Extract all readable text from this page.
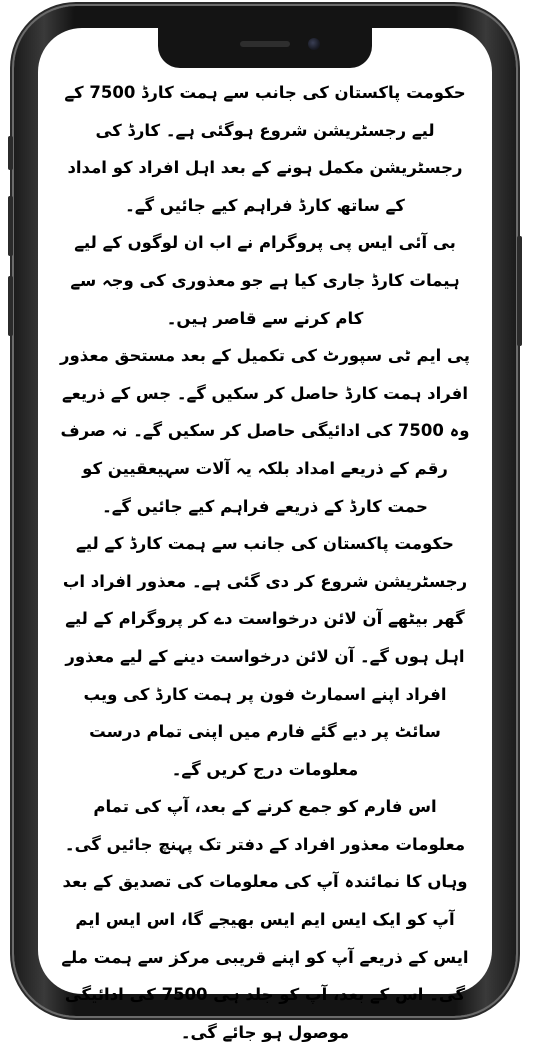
حکومت پاکستان کی جانب سے ہمت کارڈ 7500 کے لیے رجسٹریشن شروع ہوگئی ہے۔ کارڈ کی رجسٹریشن مکمل ہونے کے بعد اہل افراد کو امداد کے ساتھ کارڈ فراہم کیے جائیں گے۔

بی آئی ایس پی پروگرام نے اب ان لوگوں کے لیے ہیمات کارڈ جاری کیا ہے جو معذوری کی وجہ سے کام کرنے سے قاصر ہیں۔

پی ایم ٹی سپورٹ کی تکمیل کے بعد مستحق معذور افراد ہمت کارڈ حاصل کر سکیں گے۔ جس کے ذریعے وہ 7500 کی ادائیگی حاصل کر سکیں گے۔ نہ صرف رقم کے ذریعے امداد بلکہ یہ آلات سہیعقیین کو حمت کارڈ کے ذریعے فراہم کیے جائیں گے۔

حکومت پاکستان کی جانب سے ہمت کارڈ کے لیے رجسٹریشن شروع کر دی گئی ہے۔ معذور افراد اب گھر بیٹھے آن لائن درخواست دے کر پروگرام کے لیے اہل ہوں گے۔ آن لائن درخواست دینے کے لیے معذور افراد اپنے اسمارٹ فون پر ہمت کارڈ کی ویب سائٹ پر دیے گئے فارم میں اپنی تمام درست معلومات درج کریں گے۔

اس فارم کو جمع کرنے کے بعد، آپ کی تمام معلومات معذور افراد کے دفتر تک پہنچ جائیں گی۔ وہاں کا نمائندہ آپ کی معلومات کی تصدیق کے بعد آپ کو ایک ایس ایم ایس بھیجے گا، اس ایس ایم ایس کے ذریعے آپ کو اپنے قریبی مرکز سے ہمت ملے گی۔ اس کے بعد، آپ کو جلد ہی 7500 کی ادائیگی موصول ہو جائے گی۔
